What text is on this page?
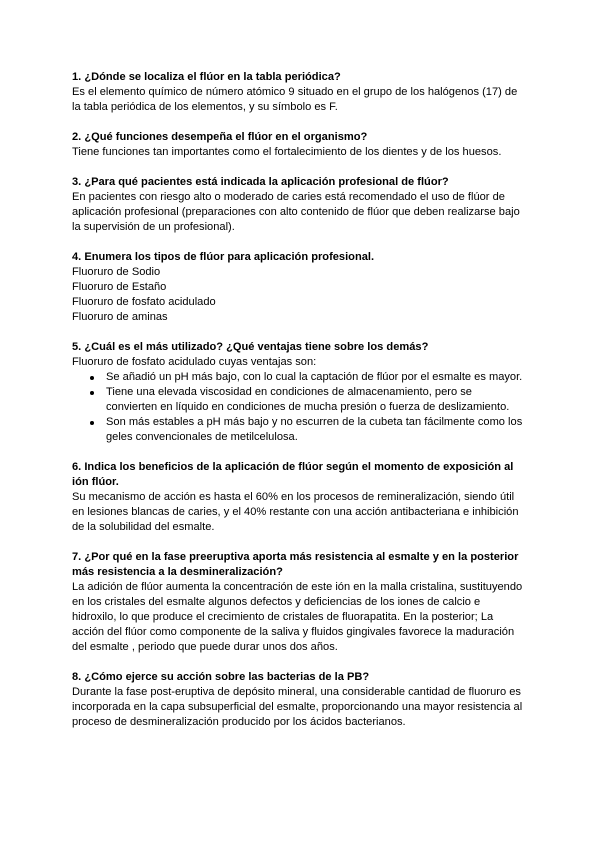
1. ¿Dónde se localiza el flúor en la tabla periódica?

Es el elemento químico de número atómico 9 situado en el grupo de los halógenos (17) de
la tabla periódica de los elementos, y su símbolo es F.

2. ¿Qué funciones desempeña el flúor en el organismo?

Tiene funciones tan importantes como el fortalecimiento de los dientes y de los huesos.

3. ¿Para qué pacientes está indicada la aplicación profesional de flúor?

En pacientes con riesgo alto o moderado de caries está recomendado el uso de flúor de
aplicación profesional (preparaciones con alto contenido de flúor que deben realizarse bajo
la supervisión de un profesional).

4. Enumera los tipos de flúor para aplicación profesional.

Fluoruro de Sodio
Fluoruro de Estaño
Fluoruro de fosfato acidulado
Fluoruro de aminas

5. ¿Cuál es el más utilizado? ¿Qué ventajas tiene sobre los demás?

Fluoruro de fosfato acidulado cuyas ventajas son:

Se añadió un pH más bajo, con lo cual la captación de flúor por el esmalte es mayor.
Tiene una elevada viscosidad en condiciones de almacenamiento, pero se
convierten en líquido en condiciones de mucha presión o fuerza de deslizamiento.
Son más estables a pH más bajo y no escurren de la cubeta tan fácilmente como los
geles convencionales de metilcelulosa.

6. Indica los beneficios de la aplicación de flúor según el momento de exposición al
ión flúor.

Su mecanismo de acción es hasta el 60% en los procesos de remineralización, siendo útil
en lesiones blancas de caries, y el 40% restante con una acción antibacteriana e inhibición
de la solubilidad del esmalte.

7. ¿Por qué en la fase preeruptiva aporta más resistencia al esmalte y en la posterior
más resistencia a la desmineralización?

La adición de flúor aumenta la concentración de este ión en la malla cristalina, sustituyendo
en los cristales del esmalte algunos defectos y deficiencias de los iones de calcio e
hidroxilo, lo que produce el crecimiento de cristales de fluorapatita. En la posterior; La
acción del flúor como componente de la saliva y fluidos gingivales favorece la maduración
del esmalte , periodo que puede durar unos dos años.

8. ¿Cómo ejerce su acción sobre las bacterias de la PB?

Durante la fase post-eruptiva de depósito mineral, una considerable cantidad de fluoruro es
incorporada en la capa subsuperficial del esmalte, proporcionando una mayor resistencia al
proceso de desmineralización producido por los ácidos bacterianos.
